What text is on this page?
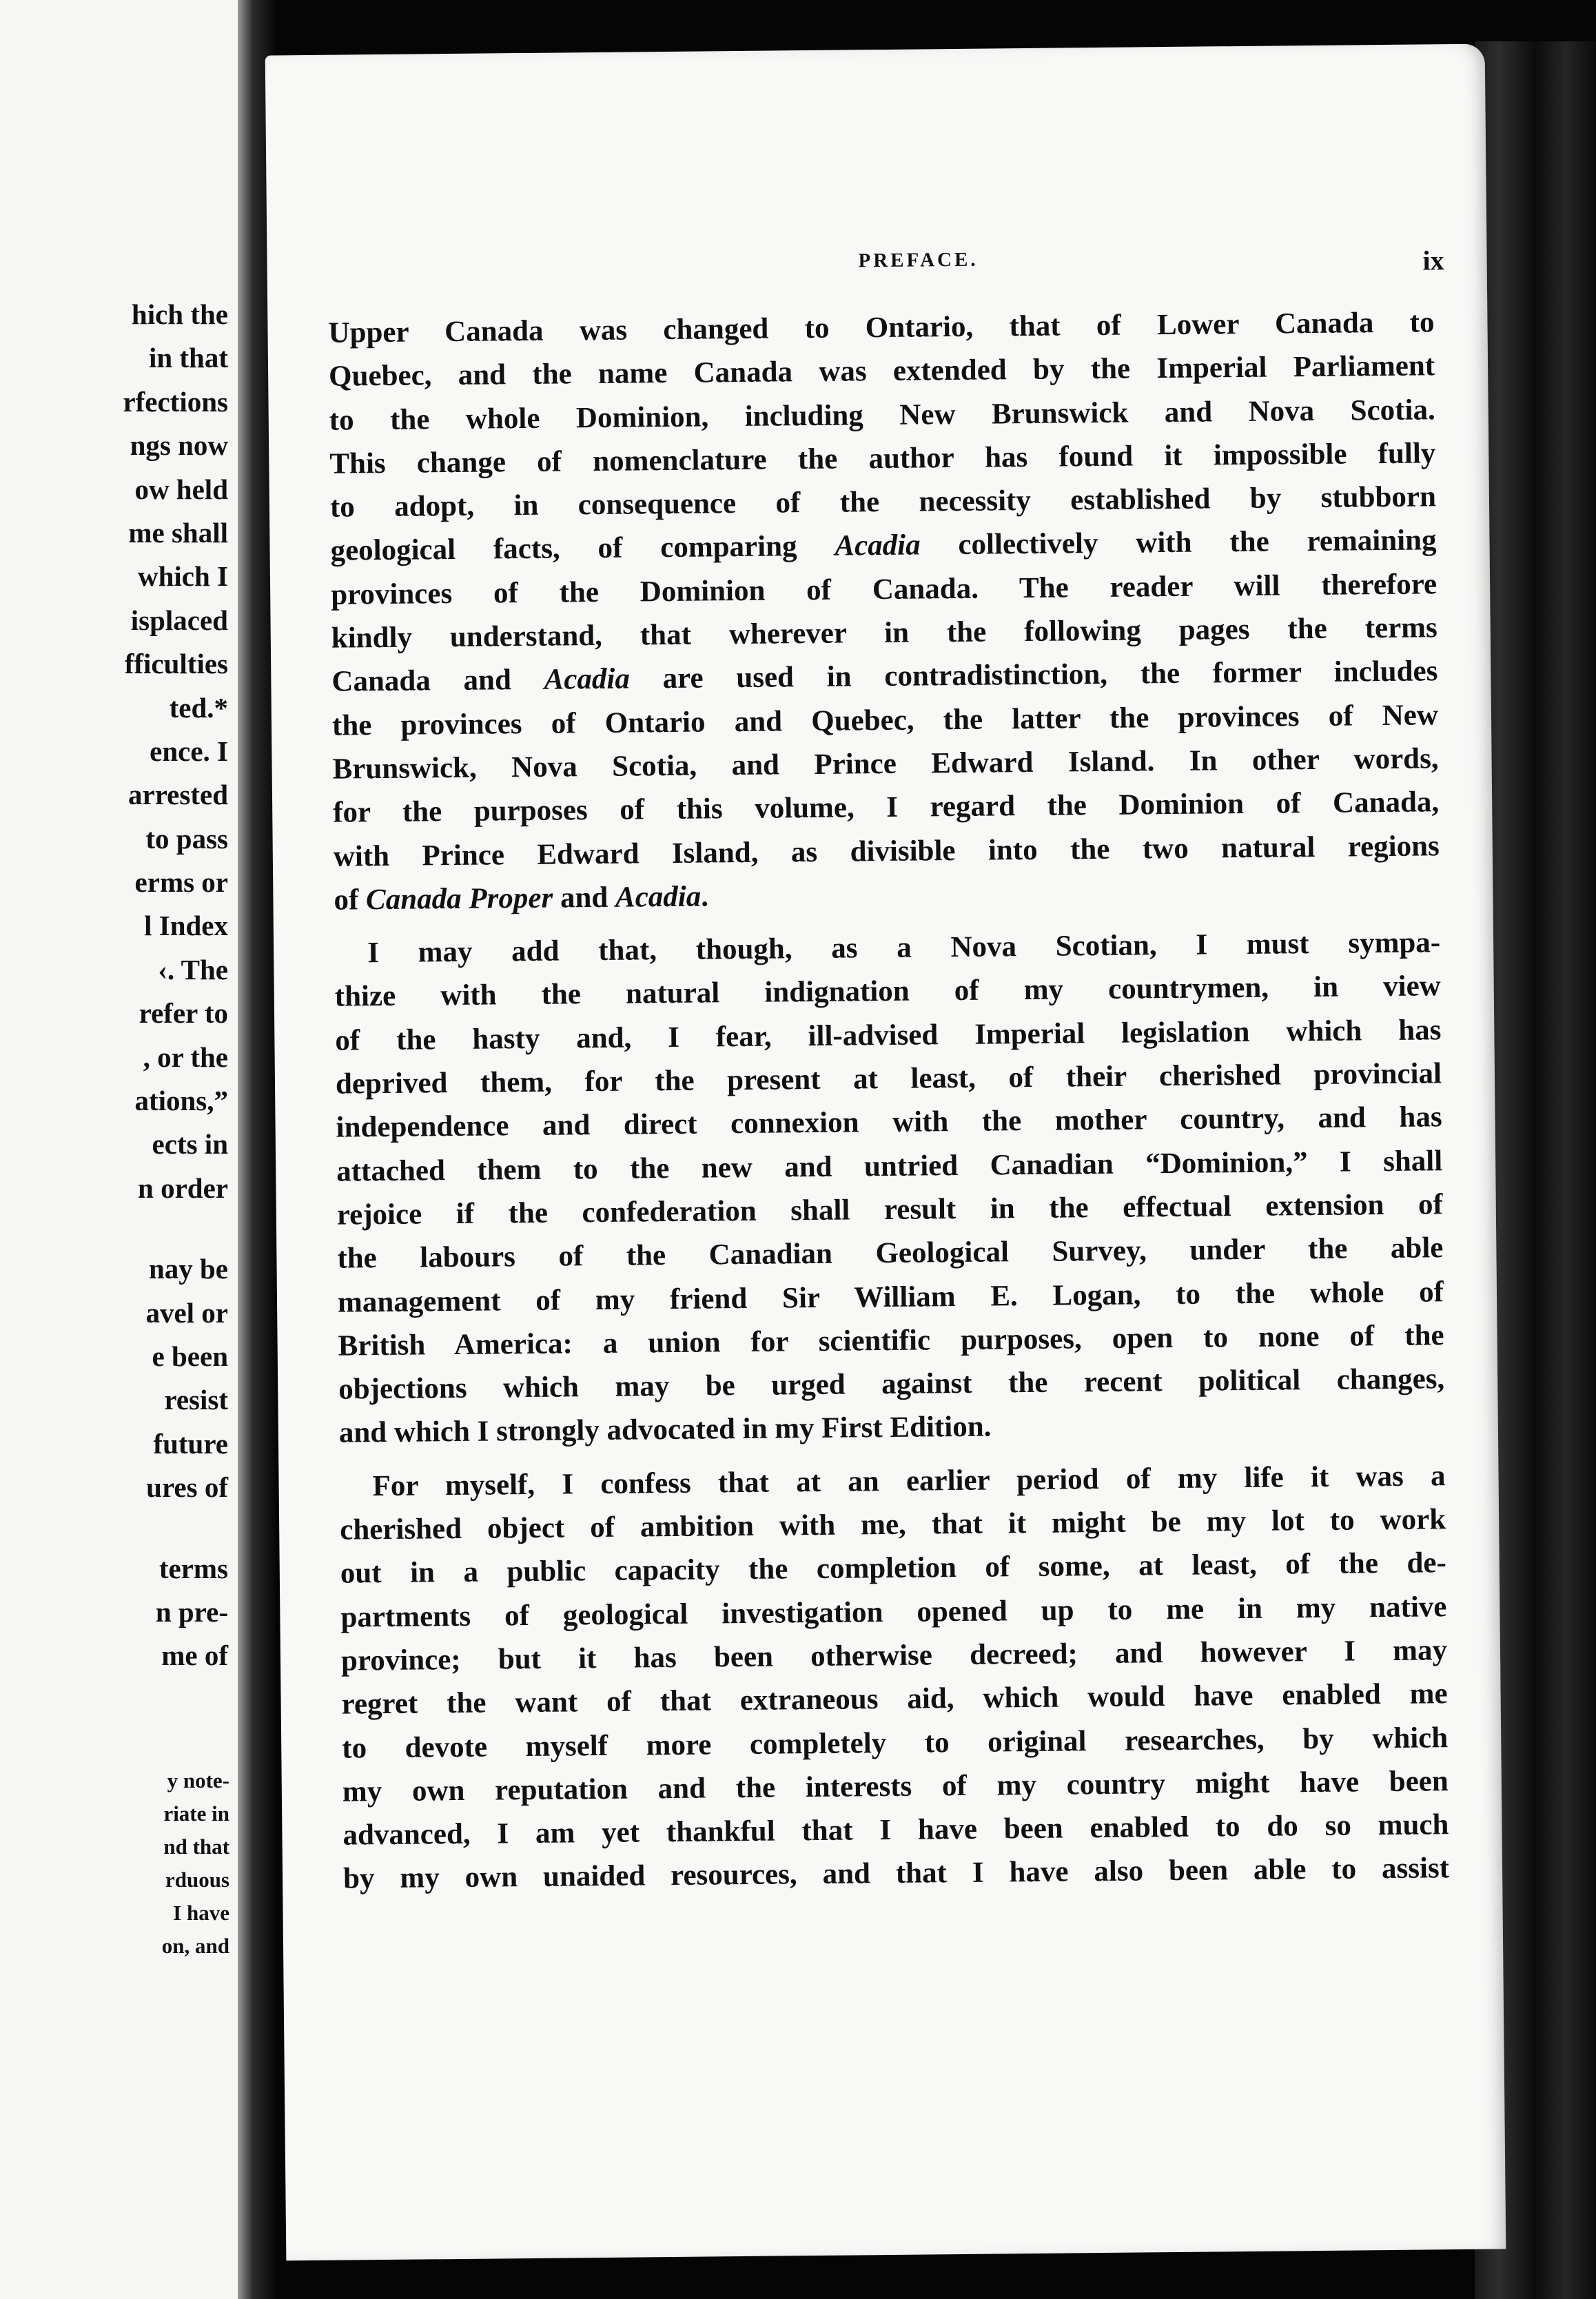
hich the
in that
rfections
ngs now
ow held
me shall
which I
isplaced
fficulties
ted.*
ence. I
arrested
to pass
erms or
l Index
‹. The
refer to
, or the
ations,”
ects in
n order
nay be
avel or
e been
resist
future
ures of
terms
n pre-
me of
y note-
riate in
nd that
rduous
I have
on, and
PREFACE.	ix
Upper Canada was changed to Ontario, that of Lower Canada to
Quebec, and the name Canada was extended by the Imperial Parliament
to the whole Dominion, including New Brunswick and Nova Scotia.
This change of nomenclature the author has found it impossible fully
to adopt, in consequence of the necessity established by stubborn
geological facts, of comparing Acadia collectively with the remaining
provinces of the Dominion of Canada. The reader will therefore
kindly understand, that wherever in the following pages the terms
Canada and Acadia are used in contradistinction, the former includes
the provinces of Ontario and Quebec, the latter the provinces of New
Brunswick, Nova Scotia, and Prince Edward Island. In other words,
for the purposes of this volume, I regard the Dominion of Canada,
with Prince Edward Island, as divisible into the two natural regions
of Canada Proper and Acadia.
I may add that, though, as a Nova Scotian, I must sympa-
thize with the natural indignation of my countrymen, in view
of the hasty and, I fear, ill-advised Imperial legislation which has
deprived them, for the present at least, of their cherished provincial
independence and direct connexion with the mother country, and has
attached them to the new and untried Canadian “Dominion,” I shall
rejoice if the confederation shall result in the effectual extension of
the labours of the Canadian Geological Survey, under the able
management of my friend Sir William E. Logan, to the whole of
British America: a union for scientific purposes, open to none of the
objections which may be urged against the recent political changes,
and which I strongly advocated in my First Edition.
For myself, I confess that at an earlier period of my life it was a
cherished object of ambition with me, that it might be my lot to work
out in a public capacity the completion of some, at least, of the de-
partments of geological investigation opened up to me in my native
province; but it has been otherwise decreed; and however I may
regret the want of that extraneous aid, which would have enabled me
to devote myself more completely to original researches, by which
my own reputation and the interests of my country might have been
advanced, I am yet thankful that I have been enabled to do so much
by my own unaided resources, and that I have also been able to assist
